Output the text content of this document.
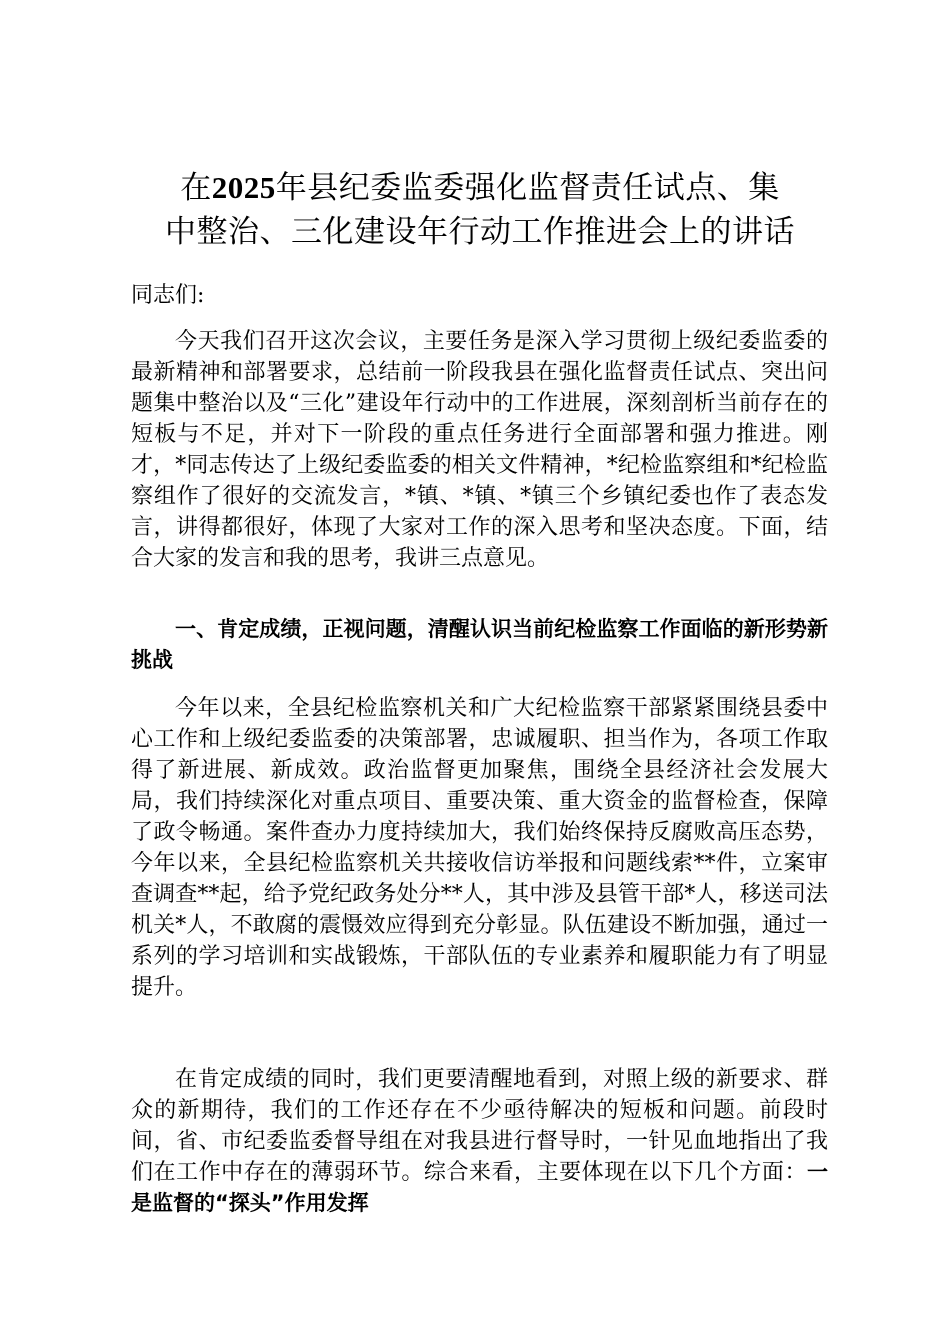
在2025年县纪委监委强化监督责任试点、集
中整治、三化建设年行动工作推进会上的讲话

同志们:

今天我们召开这次会议，主要任务是深入学习贯彻上级纪委监委的最新精神和部署要求，总结前一阶段我县在强化监督责任试点、突出问题集中整治以及“三化”建设年行动中的工作进展，深刻剖析当前存在的短板与不足，并对下一阶段的重点任务进行全面部署和强力推进。刚才，*同志传达了上级纪委监委的相关文件精神，*纪检监察组和*纪检监察组作了很好的交流发言，*镇、*镇、*镇三个乡镇纪委也作了表态发言，讲得都很好，体现了大家对工作的深入思考和坚决态度。下面，结合大家的发言和我的思考，我讲三点意见。

一、肯定成绩，正视问题，清醒认识当前纪检监察工作面临的新形势新挑战

今年以来，全县纪检监察机关和广大纪检监察干部紧紧围绕县委中心工作和上级纪委监委的决策部署，忠诚履职、担当作为，各项工作取得了新进展、新成效。政治监督更加聚焦，围绕全县经济社会发展大局，我们持续深化对重点项目、重要决策、重大资金的监督检查，保障了政令畅通。案件查办力度持续加大，我们始终保持反腐败高压态势，今年以来，全县纪检监察机关共接收信访举报和问题线索**件，立案审查调查**起，给予党纪政务处分**人，其中涉及县管干部*人，移送司法机关*人，不敢腐的震慑效应得到充分彰显。队伍建设不断加强，通过一系列的学习培训和实战锻炼，干部队伍的专业素养和履职能力有了明显提升。

在肯定成绩的同时，我们更要清醒地看到，对照上级的新要求、群众的新期待，我们的工作还存在不少亟待解决的短板和问题。前段时间，省、市纪委监委督导组在对我县进行督导时，一针见血地指出了我们在工作中存在的薄弱环节。综合来看，主要体现在以下几个方面：一是监督的“探头”作用发挥
